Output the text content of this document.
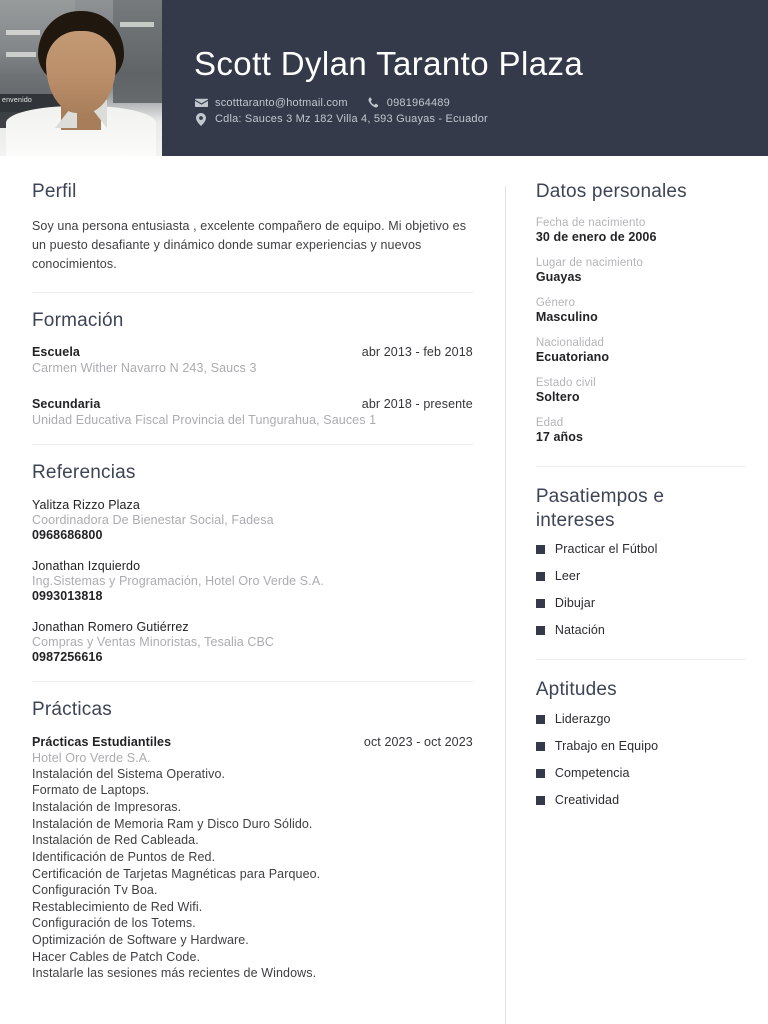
envenido
Scott Dylan Taranto Plaza
scotttaranto@hotmail.com	0981964489
Cdla: Sauces 3 Mz 182 Villa 4, 593 Guayas - Ecuador
Perfil

Soy una persona entusiasta , excelente compañero de equipo. Mi objetivo es un puesto desafiante y dinámico donde sumar experiencias y nuevos conocimientos.

Formación
Escuela	abr 2013 - feb 2018
Carmen Wither Navarro N 243, Saucs 3
Secundaria	abr 2018 - presente
Unidad Educativa Fiscal Provincia del Tungurahua, Sauces 1
Referencias
Yalitza Rizzo Plaza
Coordinadora De Bienestar Social, Fadesa
0968686800
Jonathan Izquierdo
Ing.Sistemas y Programación, Hotel Oro Verde S.A.
0993013818
Jonathan Romero Gutiérrez
Compras y Ventas Minoristas, Tesalia CBC
0987256616
Prácticas
Prácticas Estudiantiles	oct 2023 - oct 2023
Hotel Oro Verde S.A.
Instalación del Sistema Operativo.
Formato de Laptops.
Instalación de Impresoras.
Instalación de Memoria Ram y Disco Duro Sólido.
Instalación de Red Cableada.
Identificación de Puntos de Red.
Certificación de Tarjetas Magnéticas para Parqueo.
Configuración Tv Boa.
Restablecimiento de Red Wifi.
Configuración de los Totems.
Optimización de Software y Hardware.
Hacer Cables de Patch Code.
Instalarle las sesiones más recientes de Windows.
Datos personales
Fecha de nacimiento
30 de enero de 2006
Lugar de nacimiento
Guayas
Género
Masculino
Nacionalidad
Ecuatoriano
Estado civil
Soltero
Edad
17 años
Pasatiempos e intereses
Practicar el Fútbol
Leer
Dibujar
Natación
Aptitudes
Liderazgo
Trabajo en Equipo
Competencia
Creatividad
